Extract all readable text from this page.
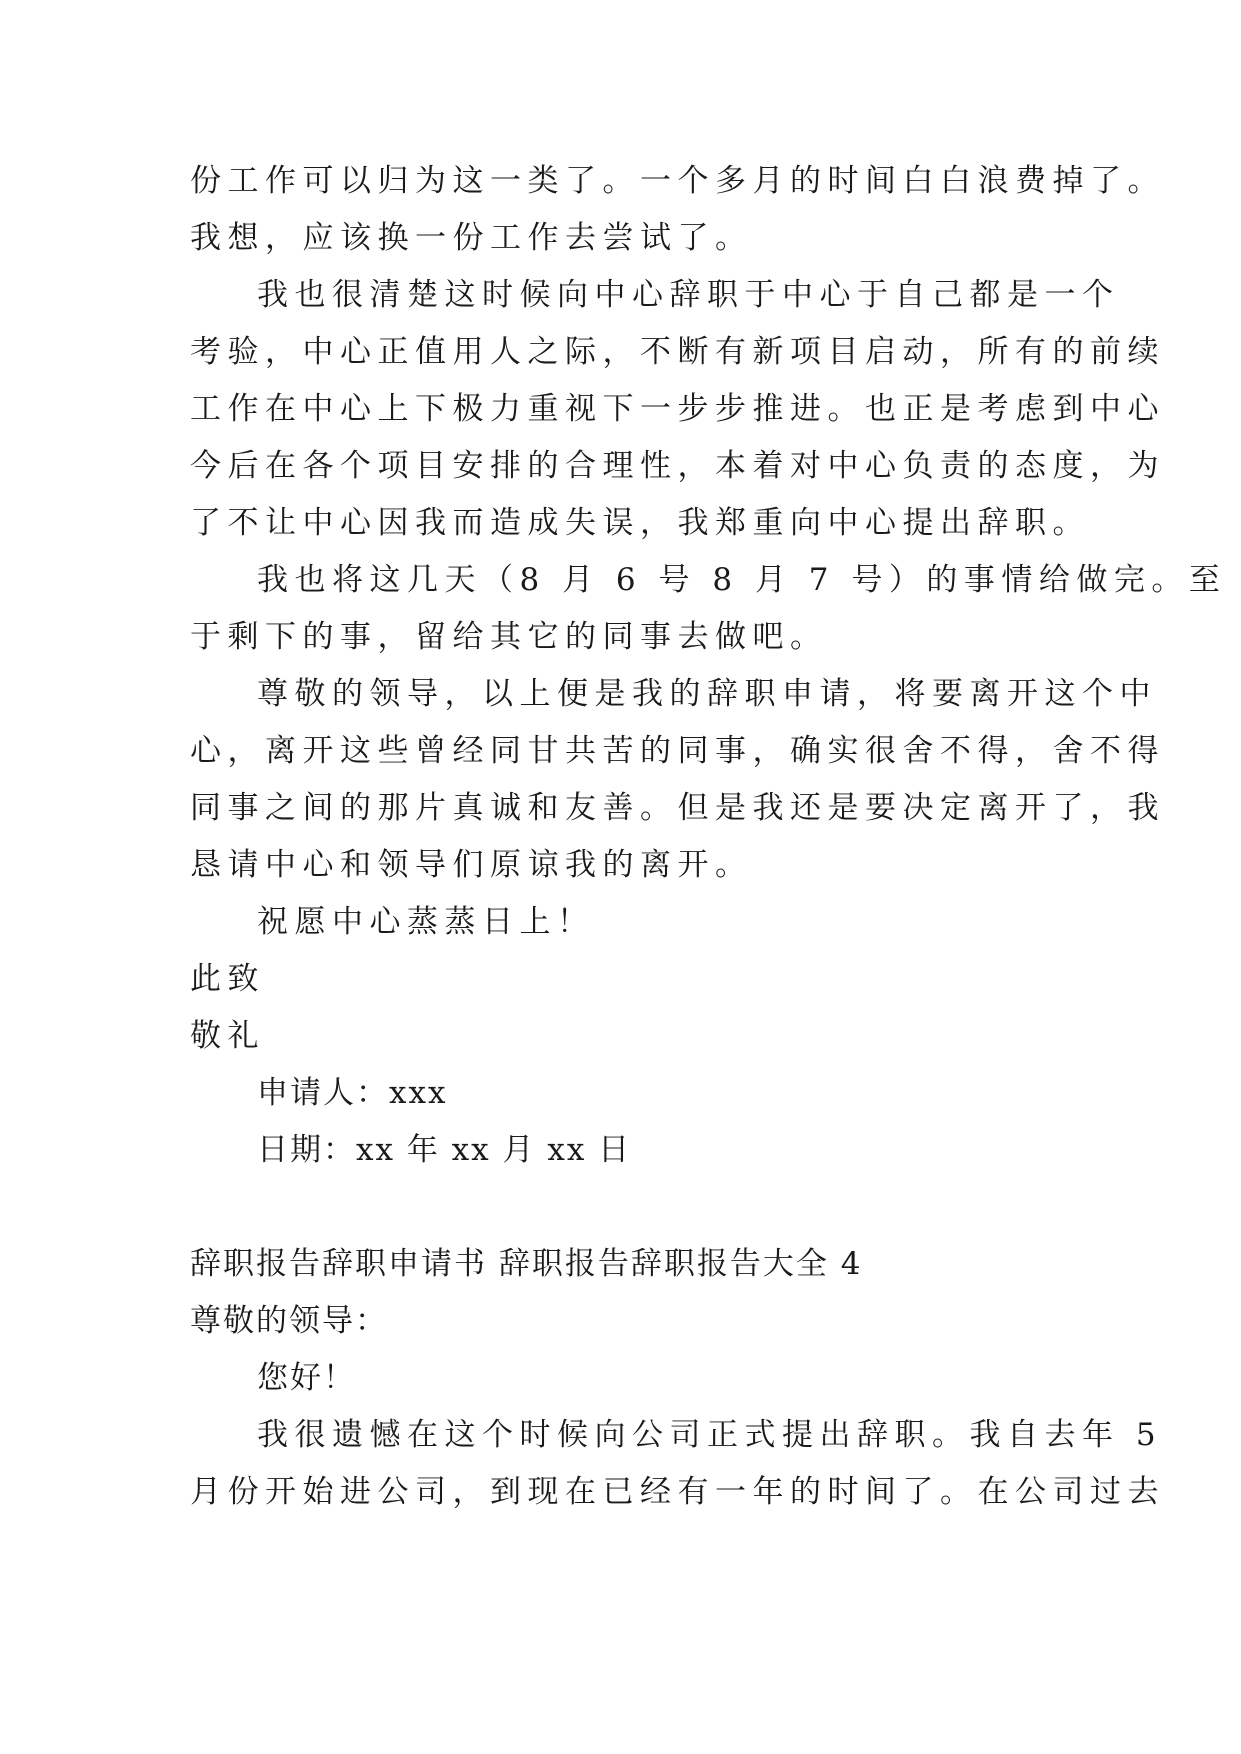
份工作可以归为这一类了。一个多月的时间白白浪费掉了。
我想，应该换一份工作去尝试了。
我也很清楚这时候向中心辞职于中心于自己都是一个
考验，中心正值用人之际，不断有新项目启动，所有的前续
工作在中心上下极力重视下一步步推进。也正是考虑到中心
今后在各个项目安排的合理性，本着对中心负责的态度，为
了不让中心因我而造成失误，我郑重向中心提出辞职。
我也将这几天（8 月 6 号 8 月 7 号）的事情给做完。至
于剩下的事，留给其它的同事去做吧。
尊敬的领导，以上便是我的辞职申请，将要离开这个中
心，离开这些曾经同甘共苦的同事，确实很舍不得，舍不得
同事之间的那片真诚和友善。但是我还是要决定离开了，我
恳请中心和领导们原谅我的离开。
祝愿中心蒸蒸日上！
此致
敬礼
申请人：xxx
日期：xx 年 xx 月 xx 日
辞职报告辞职申请书 辞职报告辞职报告大全 4
尊敬的领导：
您好！
我很遗憾在这个时候向公司正式提出辞职。我自去年 5
月份开始进公司，到现在已经有一年的时间了。在公司过去
